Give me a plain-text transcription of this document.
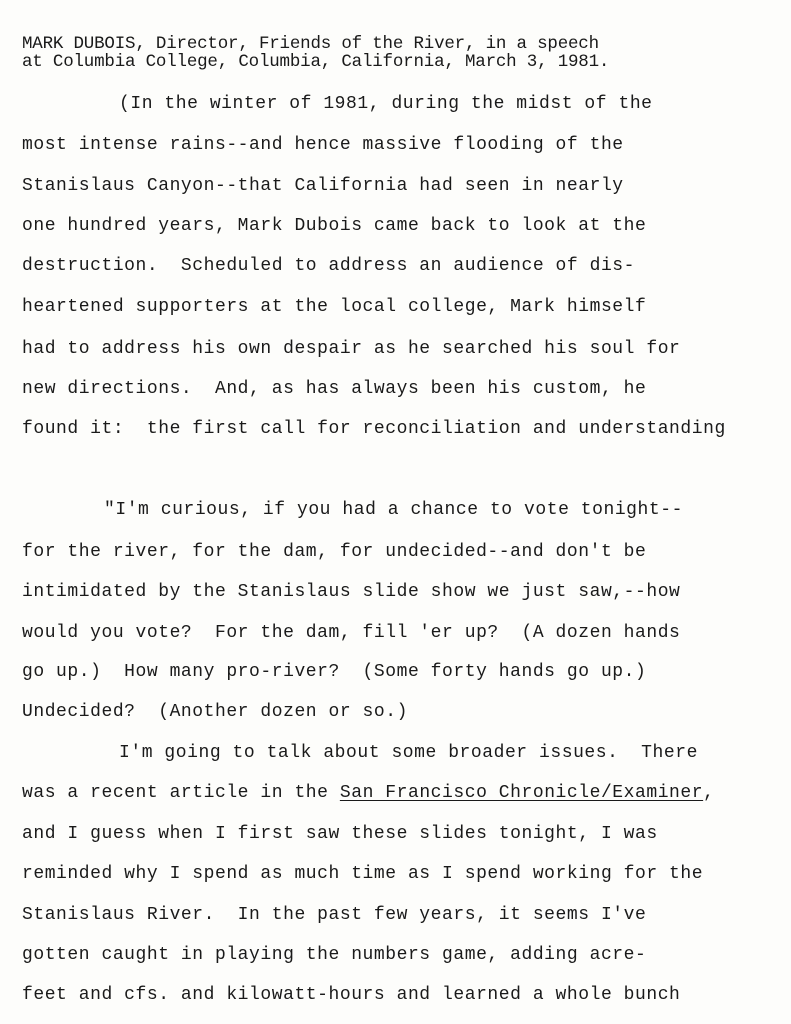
MARK DUBOIS, Director, Friends of the River, in a speech
at Columbia College, Columbia, California, March 3, 1981.
(In the winter of 1981, during the midst of the
most intense rains--and hence massive flooding of the
Stanislaus Canyon--that California had seen in nearly
one hundred years, Mark Dubois came back to look at the
destruction.  Scheduled to address an audience of dis-
heartened supporters at the local college, Mark himself
had to address his own despair as he searched his soul for
new directions.  And, as has always been his custom, he
found it:  the first call for reconciliation and understanding
"I'm curious, if you had a chance to vote tonight--
for the river, for the dam, for undecided--and don't be
intimidated by the Stanislaus slide show we just saw,--how
would you vote?  For the dam, fill 'er up?  (A dozen hands
go up.)  How many pro-river?  (Some forty hands go up.)
Undecided?  (Another dozen or so.)
I'm going to talk about some broader issues.  There
was a recent article in the San Francisco Chronicle/Examiner,
and I guess when I first saw these slides tonight, I was
reminded why I spend as much time as I spend working for the
Stanislaus River.  In the past few years, it seems I've
gotten caught in playing the numbers game, adding acre-
feet and cfs. and kilowatt-hours and learned a whole bunch
